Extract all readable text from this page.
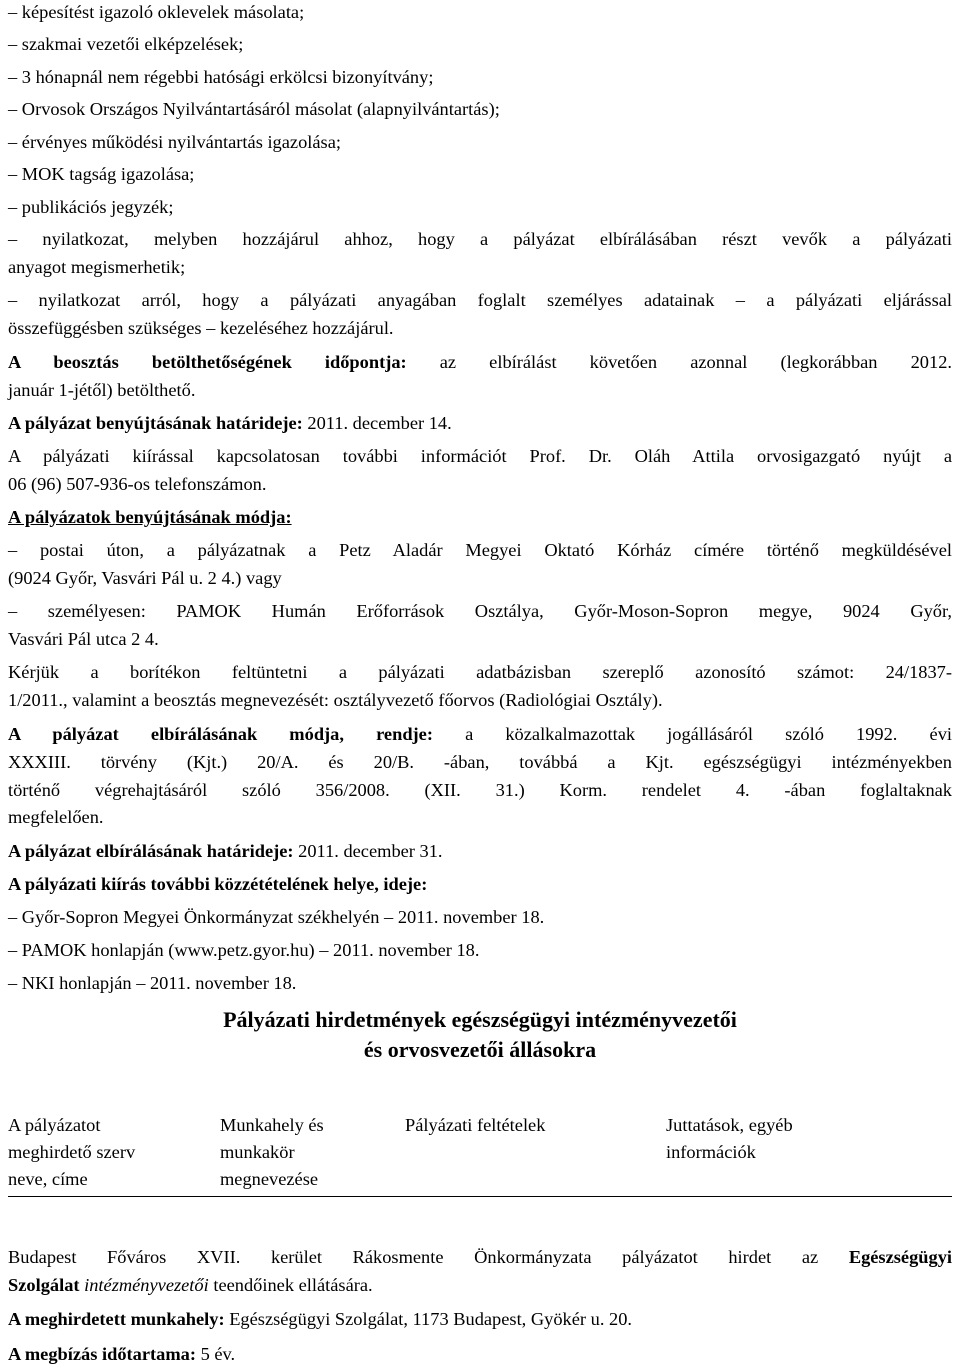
– képesítést igazoló oklevelek másolata;
– szakmai vezetői elképzelések;
– 3 hónapnál nem régebbi hatósági erkölcsi bizonyítvány;
– Orvosok Országos Nyilvántartásáról másolat (alapnyilvántartás);
– érvényes működési nyilvántartás igazolása;
– MOK tagság igazolása;
– publikációs jegyzék;
– nyilatkozat, melyben hozzájárul ahhoz, hogy a pályázat elbírálásában részt vevők a pályázati
anyagot megismerhetik;
– nyilatkozat arról, hogy a pályázati anyagában foglalt személyes adatainak – a pályázati eljárással
összefüggésben szükséges – kezeléséhez hozzájárul.
A beosztás betölthetőségének időpontja: az elbírálást követően azonnal (legkorábban 2012.
január 1-jétől) betölthető.
A pályázat benyújtásának határideje: 2011. december 14.
A pályázati kiírással kapcsolatosan további információt Prof. Dr. Oláh Attila orvosigazgató nyújt a
06 (96) 507-936-os telefonszámon.
A pályázatok benyújtásának módja:
– postai úton, a pályázatnak a Petz Aladár Megyei Oktató Kórház címére történő megküldésével
(9024 Győr, Vasvári Pál u. 2 4.) vagy
– személyesen: PAMOK Humán Erőforrások Osztálya, Győr-Moson-Sopron megye, 9024 Győr,
Vasvári Pál utca 2 4.
Kérjük a borítékon feltüntetni a pályázati adatbázisban szereplő azonosító számot: 24/1837-
1/2011., valamint a beosztás megnevezését: osztályvezető főorvos (Radiológiai Osztály).
A pályázat elbírálásának módja, rendje: a közalkalmazottak jogállásáról szóló 1992. évi
XXXIII. törvény (Kjt.) 20/A. és 20/B. -ában, továbbá a Kjt. egészségügyi intézményekben
történő végrehajtásáról szóló 356/2008. (XII. 31.) Korm. rendelet 4. -ában foglaltaknak
megfelelően.
A pályázat elbírálásának határideje: 2011. december 31.
A pályázati kiírás további közzétételének helye, ideje:
– Győr-Sopron Megyei Önkormányzat székhelyén – 2011. november 18.
– PAMOK honlapján (www.petz.gyor.hu) – 2011. november 18.
– NKI honlapján – 2011. november 18.
Pályázati hirdetmények egészségügyi intézményvezetői
és orvosvezetői állásokra
A pályázatot
meghirdető szerv
neve, címe
Munkahely és
munkakör
megnevezése
Pályázati feltételek	Juttatások, egyéb
információk
Budapest Főváros XVII. kerület Rákosmente Önkormányzata pályázatot hirdet az Egészségügyi
Szolgálat intézményvezetői teendőinek ellátására.
A meghirdetett munkahely: Egészségügyi Szolgálat, 1173 Budapest, Gyökér u. 20.
A megbízás időtartama: 5 év.
